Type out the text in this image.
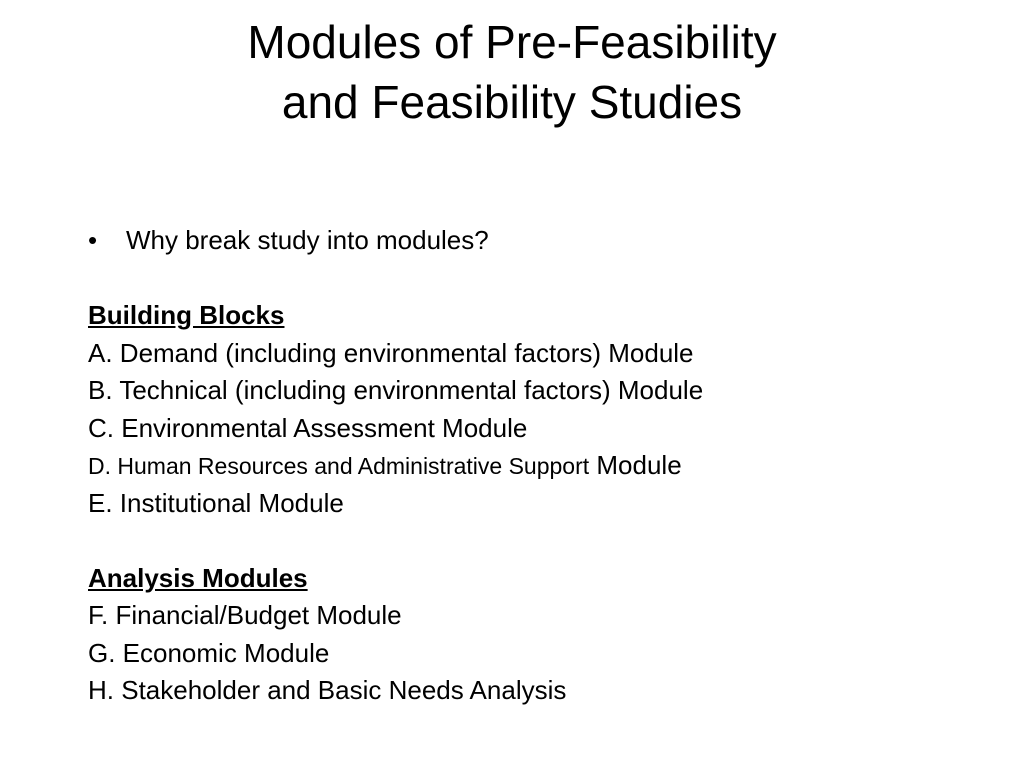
Modules of Pre-Feasibility
and Feasibility Studies
• Why break study into modules?
Building Blocks
A. Demand (including environmental factors) Module
B. Technical (including environmental factors) Module
C. Environmental Assessment Module
D. Human Resources and Administrative Support Module
E. Institutional Module
Analysis Modules
F. Financial/Budget Module
G. Economic Module
H. Stakeholder and Basic Needs Analysis
